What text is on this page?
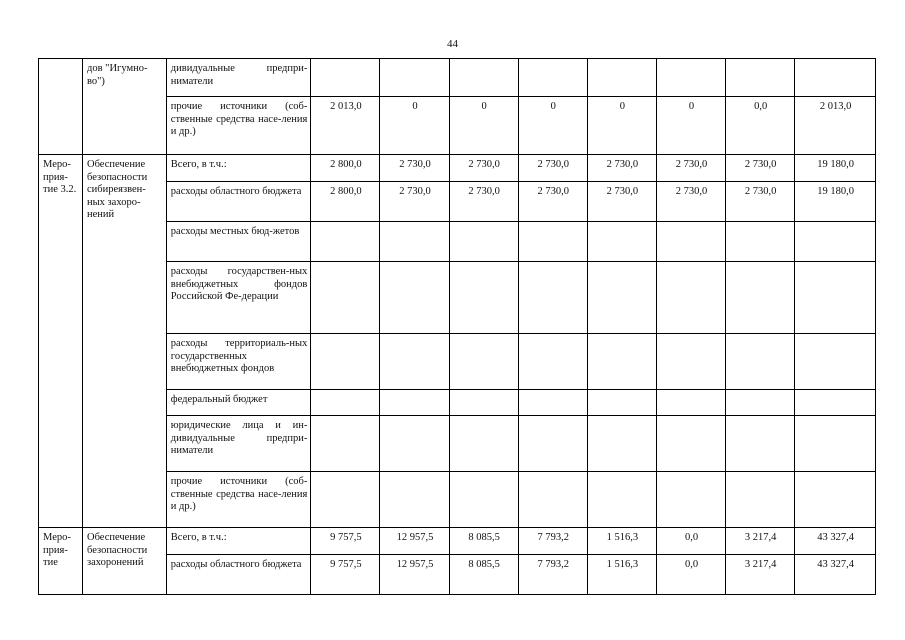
44
	дов "Игумно-во")	дивидуальные предпри-ниматели								
		прочие источники (соб-ственные средства насе-ления и др.)	2 013,0	0	0	0	0	0	0,0	2 013,0
Меро-прия-тие 3.2.	Обеспечение безопасности сибиреязвен-ных захоро-нений	Всего, в т.ч.:	2 800,0	2 730,0	2 730,0	2 730,0	2 730,0	2 730,0	2 730,0	19 180,0
		расходы областного бюджета	2 800,0	2 730,0	2 730,0	2 730,0	2 730,0	2 730,0	2 730,0	19 180,0
		расходы местных бюд-жетов								
		расходы государствен-ных внебюджетных фондов Российской Фе-дерации								
		расходы территориаль-ных государственных внебюджетных фондов								
		федеральный бюджет								
		юридические лица и ин-дивидуальные предпри-ниматели								
		прочие источники (соб-ственные средства насе-ления и др.)								
Меро-прия-тие	Обеспечение безопасности захоронений	Всего, в т.ч.:	9 757,5	12 957,5	8 085,5	7 793,2	1 516,3	0,0	3 217,4	43 327,4
		расходы областного бюджета	9 757,5	12 957,5	8 085,5	7 793,2	1 516,3	0,0	3 217,4	43 327,4
